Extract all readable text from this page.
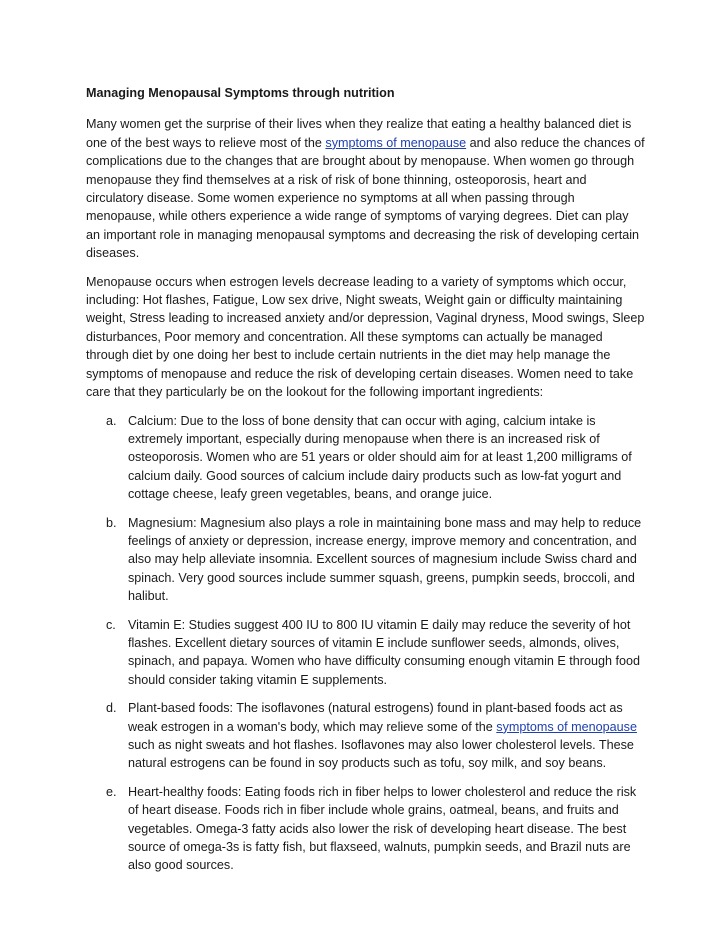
Managing Menopausal Symptoms through nutrition

Many women get the surprise of their lives when they realize that eating a healthy balanced diet is one of the best ways to relieve most of the symptoms of menopause and also reduce the chances of complications due to the changes that are brought about by menopause. When women go through menopause they find themselves at a risk of risk of bone thinning, osteoporosis, heart and circulatory disease. Some women experience no symptoms at all when passing through menopause, while others experience a wide range of symptoms of varying degrees. Diet can play an important role in managing menopausal symptoms and decreasing the risk of developing certain diseases.

Menopause occurs when estrogen levels decrease leading to a variety of symptoms which occur, including: Hot flashes, Fatigue, Low sex drive, Night sweats, Weight gain or difficulty maintaining weight, Stress leading to increased anxiety and/or depression, Vaginal dryness, Mood swings, Sleep disturbances, Poor memory and concentration. All these symptoms can actually be managed through diet by one doing her best to include certain nutrients in the diet may help manage the symptoms of menopause and reduce the risk of developing certain diseases. Women need to take care that they particularly be on the lookout for the following important ingredients:

a. Calcium: Due to the loss of bone density that can occur with aging, calcium intake is extremely important, especially during menopause when there is an increased risk of osteoporosis. Women who are 51 years or older should aim for at least 1,200 milligrams of calcium daily. Good sources of calcium include dairy products such as low-fat yogurt and cottage cheese, leafy green vegetables, beans, and orange juice.
b. Magnesium: Magnesium also plays a role in maintaining bone mass and may help to reduce feelings of anxiety or depression, increase energy, improve memory and concentration, and also may help alleviate insomnia. Excellent sources of magnesium include Swiss chard and spinach. Very good sources include summer squash, greens, pumpkin seeds, broccoli, and halibut.
c. Vitamin E: Studies suggest 400 IU to 800 IU vitamin E daily may reduce the severity of hot flashes. Excellent dietary sources of vitamin E include sunflower seeds, almonds, olives, spinach, and papaya. Women who have difficulty consuming enough vitamin E through food should consider taking vitamin E supplements.
d. Plant-based foods: The isoflavones (natural estrogens) found in plant-based foods act as weak estrogen in a woman's body, which may relieve some of the symptoms of menopause such as night sweats and hot flashes. Isoflavones may also lower cholesterol levels. These natural estrogens can be found in soy products such as tofu, soy milk, and soy beans.
e. Heart-healthy foods: Eating foods rich in fiber helps to lower cholesterol and reduce the risk of heart disease. Foods rich in fiber include whole grains, oatmeal, beans, and fruits and vegetables. Omega-3 fatty acids also lower the risk of developing heart disease. The best source of omega-3s is fatty fish, but flaxseed, walnuts, pumpkin seeds, and Brazil nuts are also good sources.
